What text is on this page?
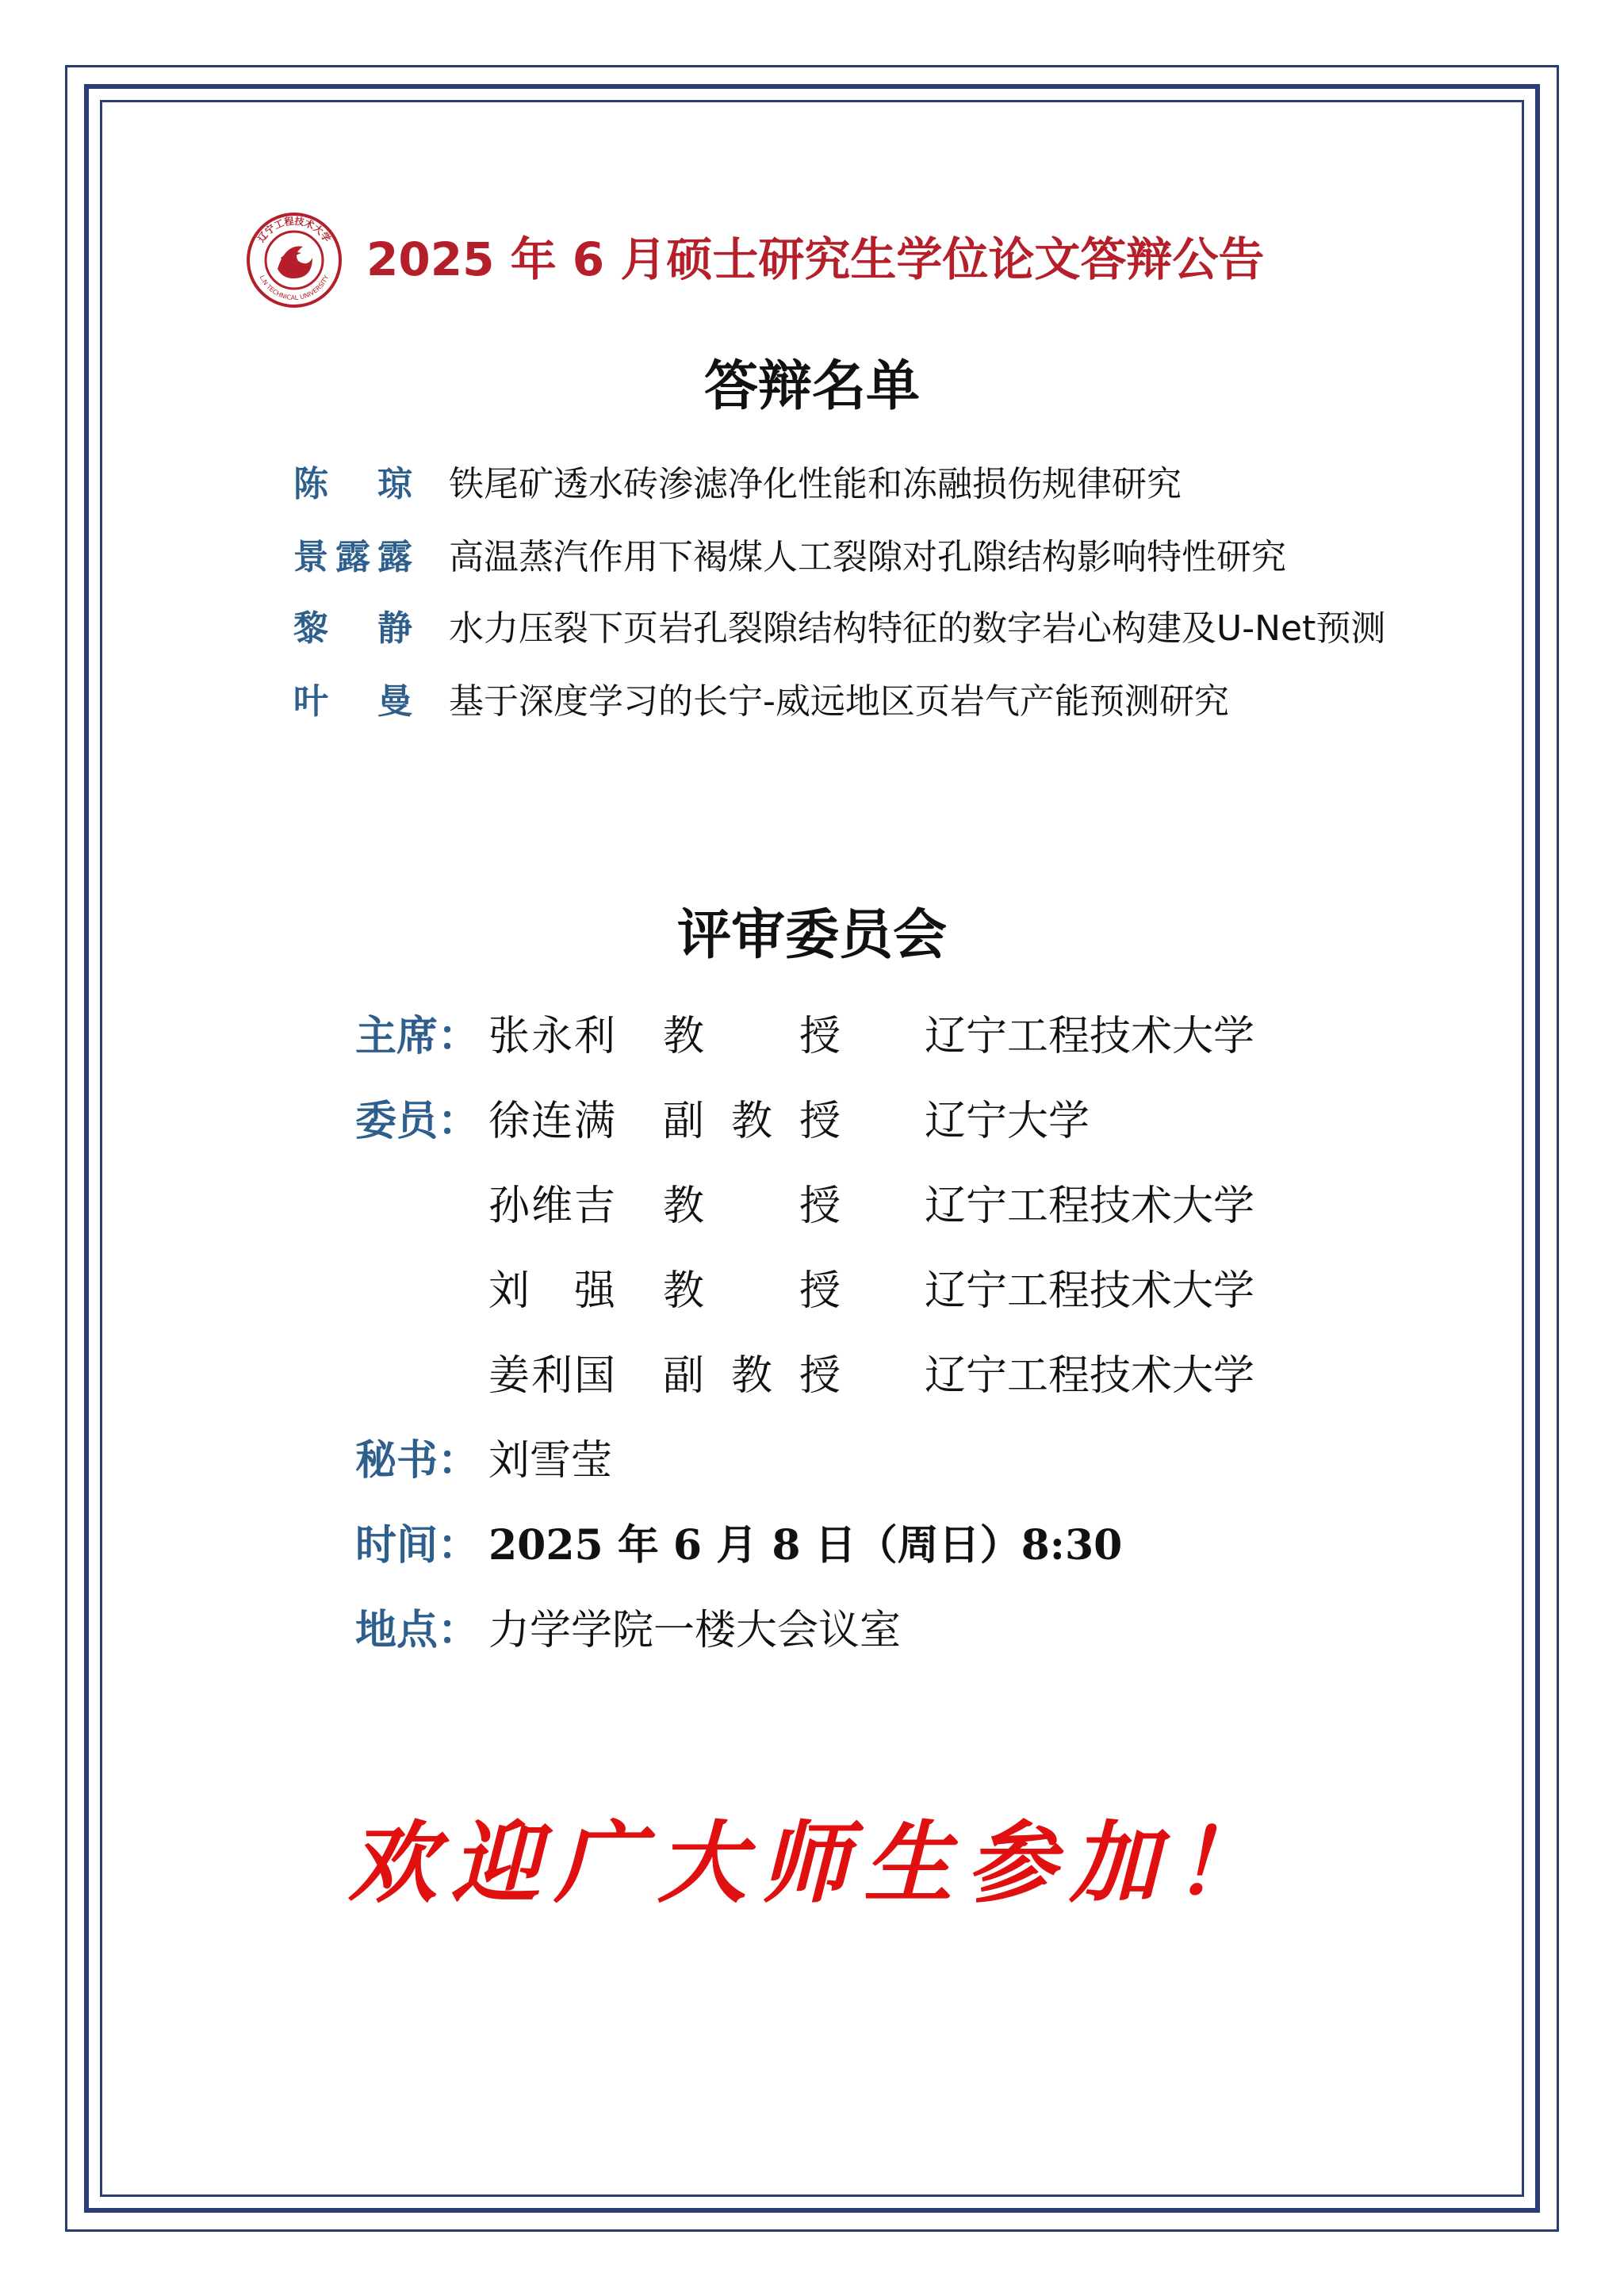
辽宁工程技术大学
L.N TECHNICAL UNIVERSITY 2025 年 6 月硕士研究生学位论文答辩公告
答辩名单
陈琼 铁尾矿透水砖渗滤净化性能和冻融损伤规律研究
景露露 高温蒸汽作用下褐煤人工裂隙对孔隙结构影响特性研究
黎静 水力压裂下页岩孔裂隙结构特征的数字岩心构建及U-Net预测
叶曼 基于深度学习的长宁-威远地区页岩气产能预测研究
评审委员会
主席： 张永利 教授 辽宁工程技术大学
委员： 徐连满 副教授 辽宁大学
孙维吉 教授 辽宁工程技术大学
刘强 教授 辽宁工程技术大学
姜利国 副教授 辽宁工程技术大学
秘书： 刘雪莹
时间： 2025 年 6 月 8 日（周日）8:30
地点： 力学学院一楼大会议室
欢迎广大师生参加！
